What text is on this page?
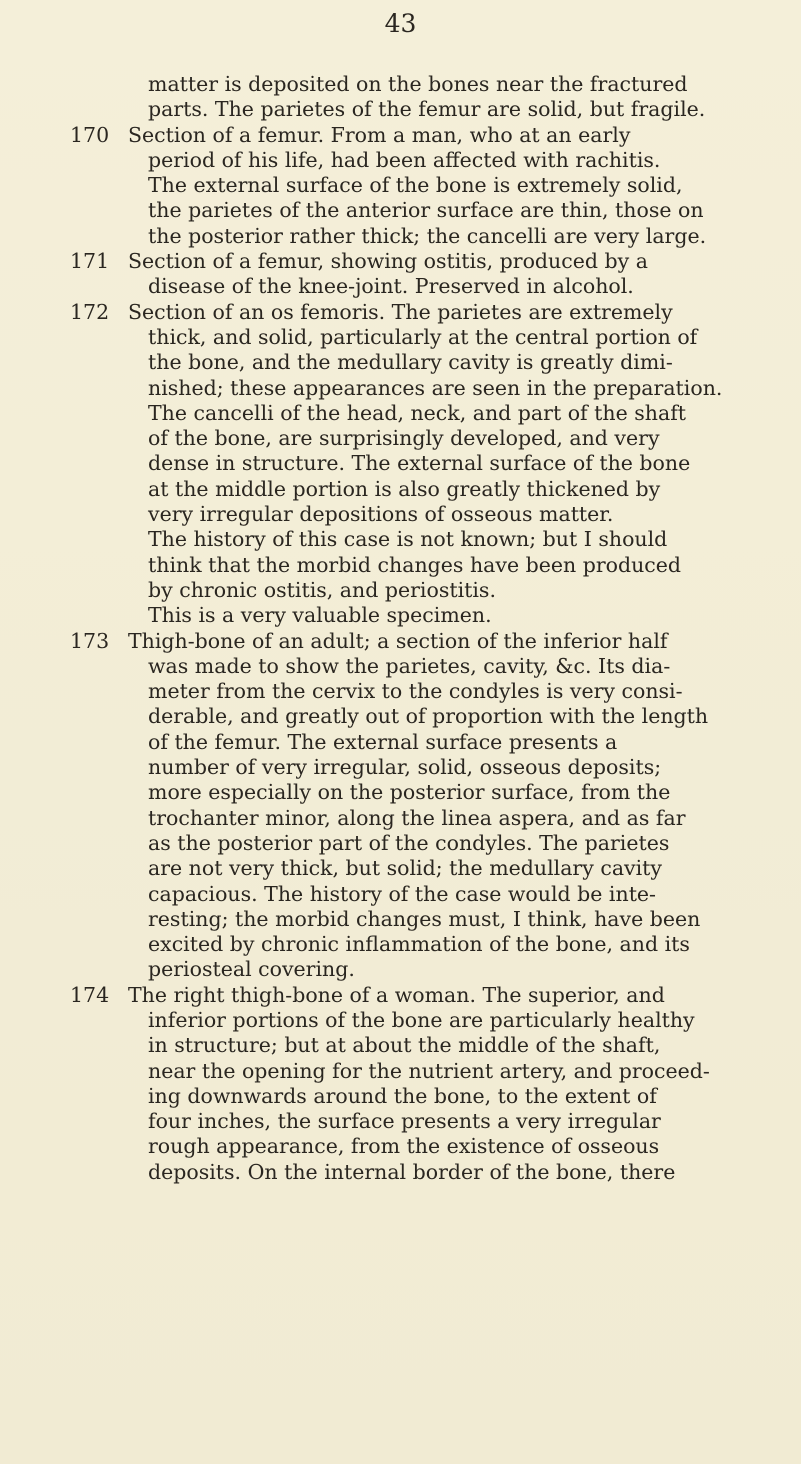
43
matter is deposited on the bones near the fractured
parts. The parietes of the femur are solid, but fragile.
170 Section of a femur. From a man, who at an early
period of his life, had been affected with rachitis.
The external surface of the bone is extremely solid,
the parietes of the anterior surface are thin, those on
the posterior rather thick; the cancelli are very large.
171 Section of a femur, showing ostitis, produced by a
disease of the knee-joint. Preserved in alcohol.
172 Section of an os femoris. The parietes are extremely
thick, and solid, particularly at the central portion of
the bone, and the medullary cavity is greatly dimi-
nished; these appearances are seen in the preparation.
The cancelli of the head, neck, and part of the shaft
of the bone, are surprisingly developed, and very
dense in structure. The external surface of the bone
at the middle portion is also greatly thickened by
very irregular depositions of osseous matter.
The history of this case is not known; but I should
think that the morbid changes have been produced
by chronic ostitis, and periostitis.
This is a very valuable specimen.
173 Thigh-bone of an adult; a section of the inferior half
was made to show the parietes, cavity, &c. Its dia-
meter from the cervix to the condyles is very consi-
derable, and greatly out of proportion with the length
of the femur. The external surface presents a
number of very irregular, solid, osseous deposits;
more especially on the posterior surface, from the
trochanter minor, along the linea aspera, and as far
as the posterior part of the condyles. The parietes
are not very thick, but solid; the medullary cavity
capacious. The history of the case would be inte-
resting; the morbid changes must, I think, have been
excited by chronic inflammation of the bone, and its
periosteal covering.
174 The right thigh-bone of a woman. The superior, and
inferior portions of the bone are particularly healthy
in structure; but at about the middle of the shaft,
near the opening for the nutrient artery, and proceed-
ing downwards around the bone, to the extent of
four inches, the surface presents a very irregular
rough appearance, from the existence of osseous
deposits. On the internal border of the bone, there
